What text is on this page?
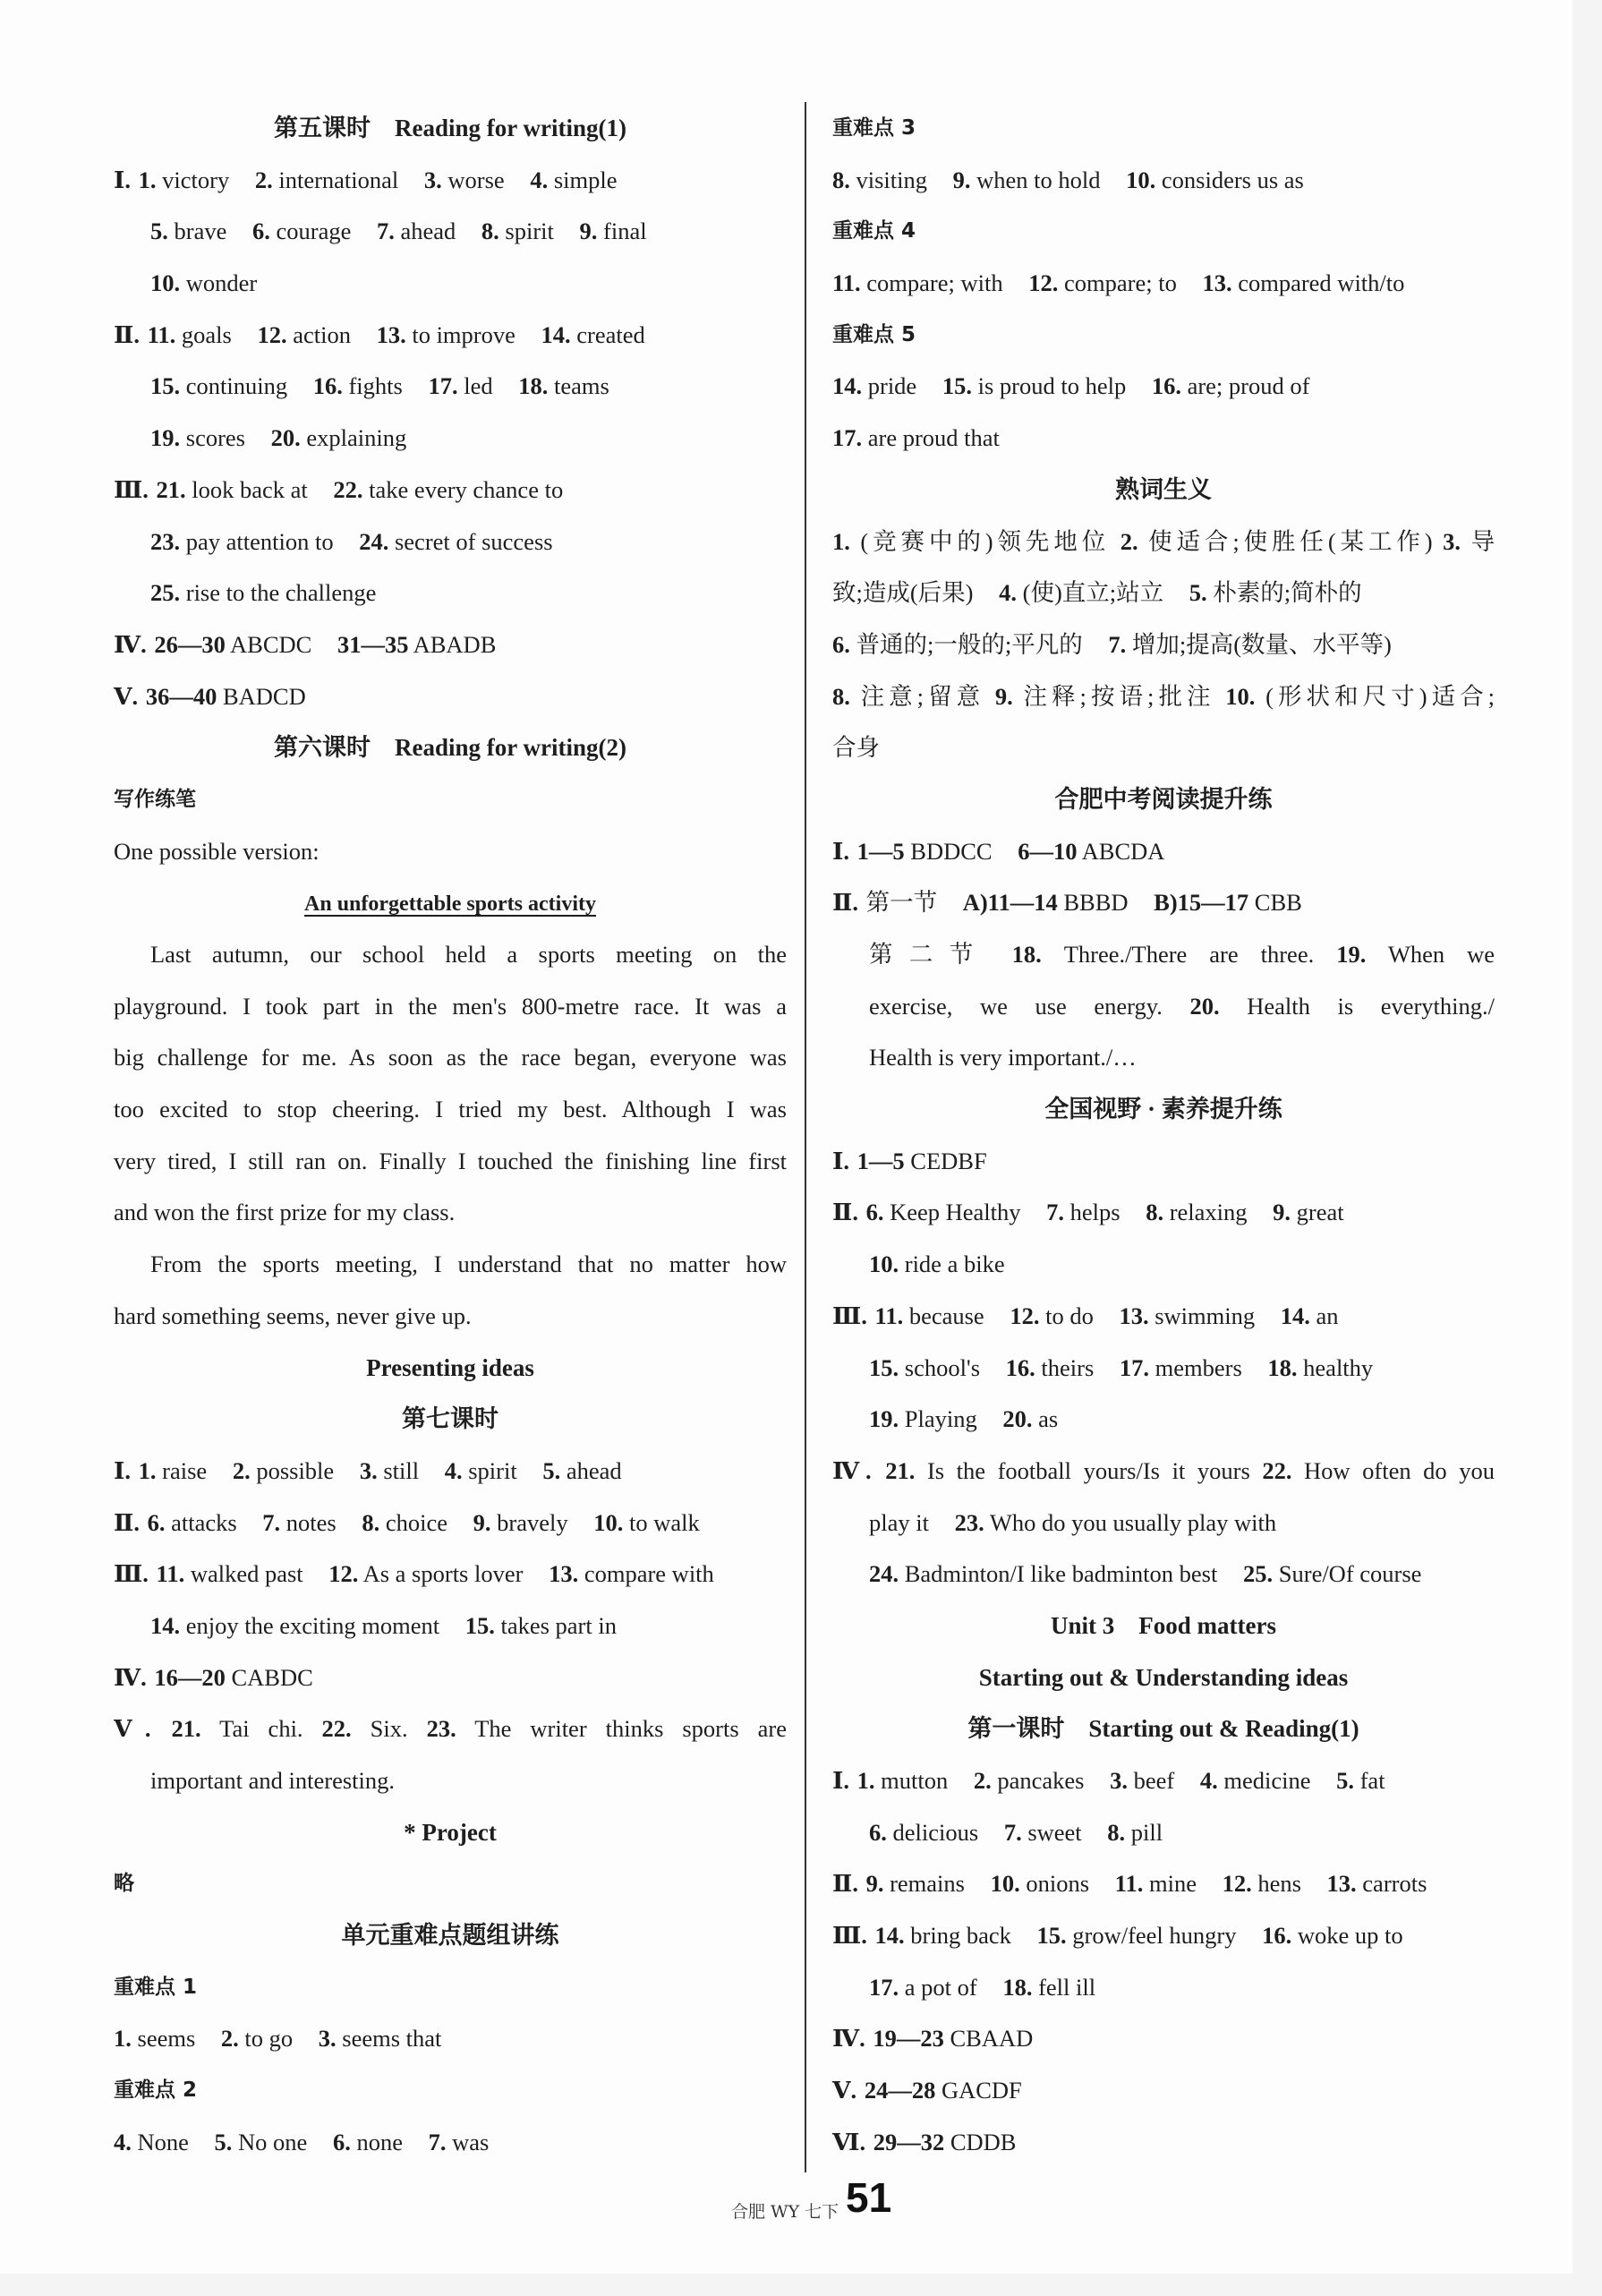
第五课时　Reading for writing(1)
Ⅰ. 1. victory 2. international 3. worse 4. simple
5. brave 6. courage 7. ahead 8. spirit 9. final
10. wonder
Ⅱ. 11. goals 12. action 13. to improve 14. created
15. continuing 16. fights 17. led 18. teams
19. scores 20. explaining
Ⅲ. 21. look back at 22. take every chance to
23. pay attention to 24. secret of success
25. rise to the challenge
Ⅳ. 26—30 ABCDC 31—35 ABADB
Ⅴ. 36—40 BADCD
第六课时　Reading for writing(2)
写作练笔
One possible version:
An unforgettable sports activity
Last autumn, our school held a sports meeting on the
playground. I took part in the men's 800-metre race. It was a
big challenge for me. As soon as the race began, everyone was
too excited to stop cheering. I tried my best. Although I was
very tired, I still ran on. Finally I touched the finishing line first
and won the first prize for my class.
From the sports meeting, I understand that no matter how
hard something seems, never give up.
Presenting ideas
第七课时
Ⅰ. 1. raise 2. possible 3. still 4. spirit 5. ahead
Ⅱ. 6. attacks 7. notes 8. choice 9. bravely 10. to walk
Ⅲ. 11. walked past 12. As a sports lover 13. compare with
14. enjoy the exciting moment 15. takes part in
Ⅳ. 16—20 CABDC
Ⅴ. 21. Tai chi. 22. Six. 23. The writer thinks sports are
important and interesting.
* Project
略
单元重难点题组讲练
重难点 1
1. seems 2. to go 3. seems that
重难点 2
4. None 5. No one 6. none 7. was
重难点 3
8. visiting 9. when to hold 10. considers us as
重难点 4
11. compare; with 12. compare; to 13. compared with/to
重难点 5
14. pride 15. is proud to help 16. are; proud of
17. are proud that
熟词生义
1. (竞赛中的)领先地位 2. 使适合;使胜任(某工作) 3. 导
致;造成(后果) 4. (使)直立;站立 5. 朴素的;简朴的
6. 普通的;一般的;平凡的 7. 增加;提高(数量、水平等)
8. 注意;留意 9. 注释;按语;批注 10. (形状和尺寸)适合;
合身
合肥中考阅读提升练
Ⅰ. 1—5 BDDCC 6—10 ABCDA
Ⅱ. 第一节 A)11—14 BBBD B)15—17 CBB
第二节 18. Three./There are three. 19. When we
exercise, we use energy. 20. Health is everything./
Health is very important./…
全国视野 · 素养提升练
Ⅰ. 1—5 CEDBF
Ⅱ. 6. Keep Healthy 7. helps 8. relaxing 9. great
10. ride a bike
Ⅲ. 11. because 12. to do 13. swimming 14. an
15. school's 16. theirs 17. members 18. healthy
19. Playing 20. as
Ⅳ. 21. Is the football yours/Is it yours 22. How often do you
play it 23. Who do you usually play with
24. Badminton/I like badminton best 25. Sure/Of course
Unit 3　Food matters
Starting out & Understanding ideas
第一课时　Starting out & Reading(1)
Ⅰ. 1. mutton 2. pancakes 3. beef 4. medicine 5. fat
6. delicious 7. sweet 8. pill
Ⅱ. 9. remains 10. onions 11. mine 12. hens 13. carrots
Ⅲ. 14. bring back 15. grow/feel hungry 16. woke up to
17. a pot of 18. fell ill
Ⅳ. 19—23 CBAAD
Ⅴ. 24—28 GACDF
Ⅵ. 29—32 CDDB
合肥 WY 七下 51
